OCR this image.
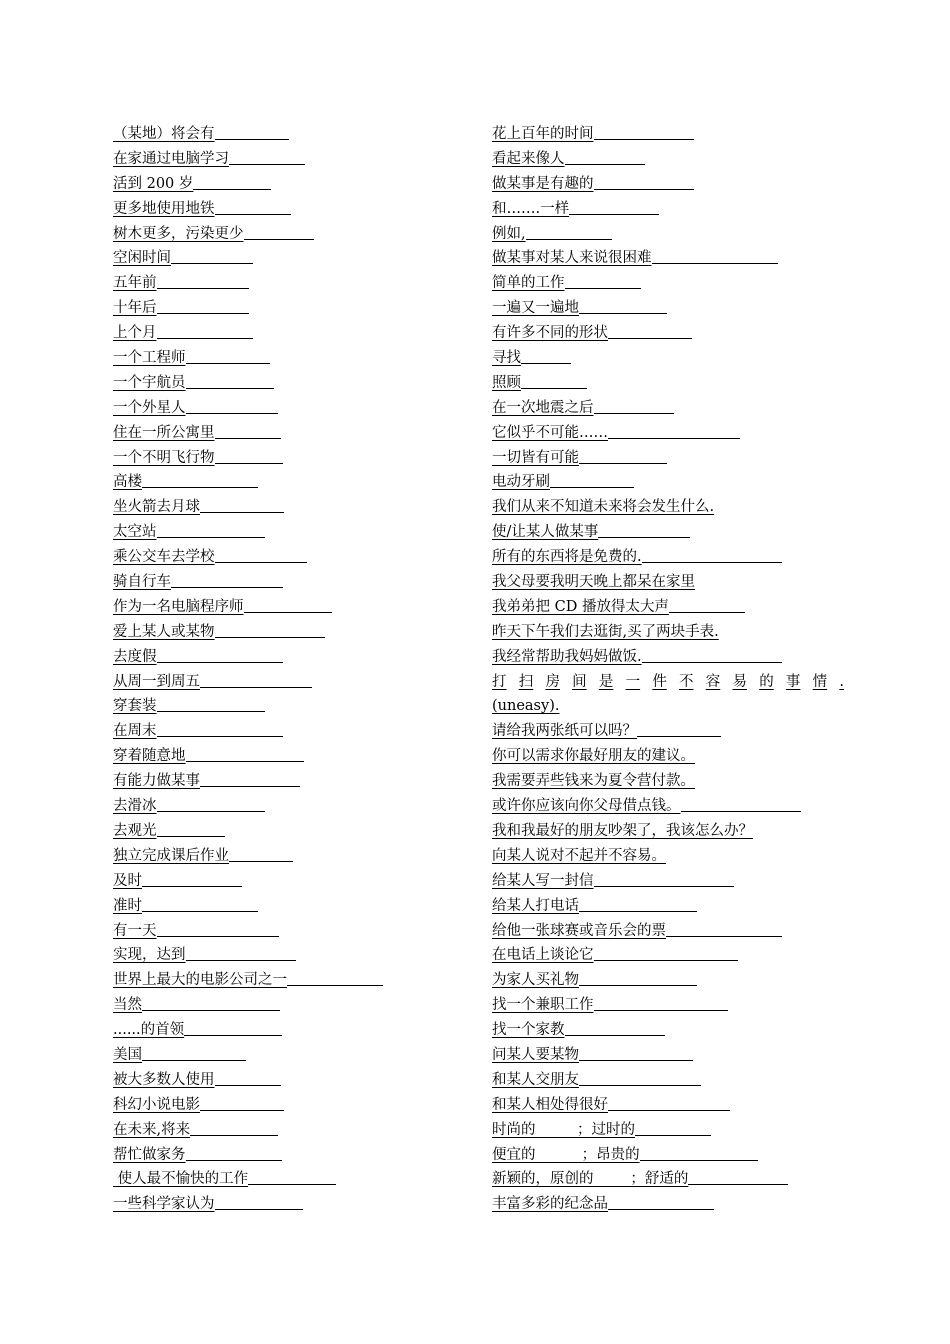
（某地）将会有
在家通过电脑学习
活到 200 岁
更多地使用地铁
树木更多，污染更少
空闲时间
五年前
十年后
上个月
一个工程师
一个宇航员
一个外星人
住在一所公寓里
一个不明飞行物
高楼
坐火箭去月球
太空站
乘公交车去学校
骑自行车
作为一名电脑程序师
爱上某人或某物
去度假
从周一到周五
穿套装
在周末
穿着随意地
有能力做某事
去滑冰
去观光
独立完成课后作业
及时
准时
有一天
实现，达到
世界上最大的电影公司之一
当然
......的首领
美国
被大多数人使用
科幻小说电影
在未来,将来
帮忙做家务
使人最不愉快的工作
一些科学家认为
花上百年的时间
看起来像人
做某事是有趣的
和…….一样
例如,
做某事对某人来说很困难
简单的工作
一遍又一遍地
有许多不同的形状
寻找
照顾
在一次地震之后
它似乎不可能……
一切皆有可能
电动牙刷
我们从来不知道未来将会发生什么.
使/让某人做某事
所有的东西将是免费的.
我父母要我明天晚上都呆在家里
我弟弟把 CD 播放得太大声
昨天下午我们去逛街,买了两块手表.
我经常帮助我妈妈做饭.
打 扫 房 间 是 一 件 不 容 易 的 事 情 .
(uneasy).
请给我两张纸可以吗？
你可以需求你最好朋友的建议。
我需要弄些钱来为夏令营付款。
或许你应该向你父母借点钱。
我和我最好的朋友吵架了，我该怎么办？
向某人说对不起并不容易。
给某人写一封信
给某人打电话
给他一张球赛或音乐会的票
在电话上谈论它
为家人买礼物
找一个兼职工作
找一个家教
问某人要某物
和某人交朋友
和某人相处得很好
时尚的         ；过时的
便宜的          ；昂贵的
新颖的，原创的        ；舒适的
丰富多彩的纪念品
